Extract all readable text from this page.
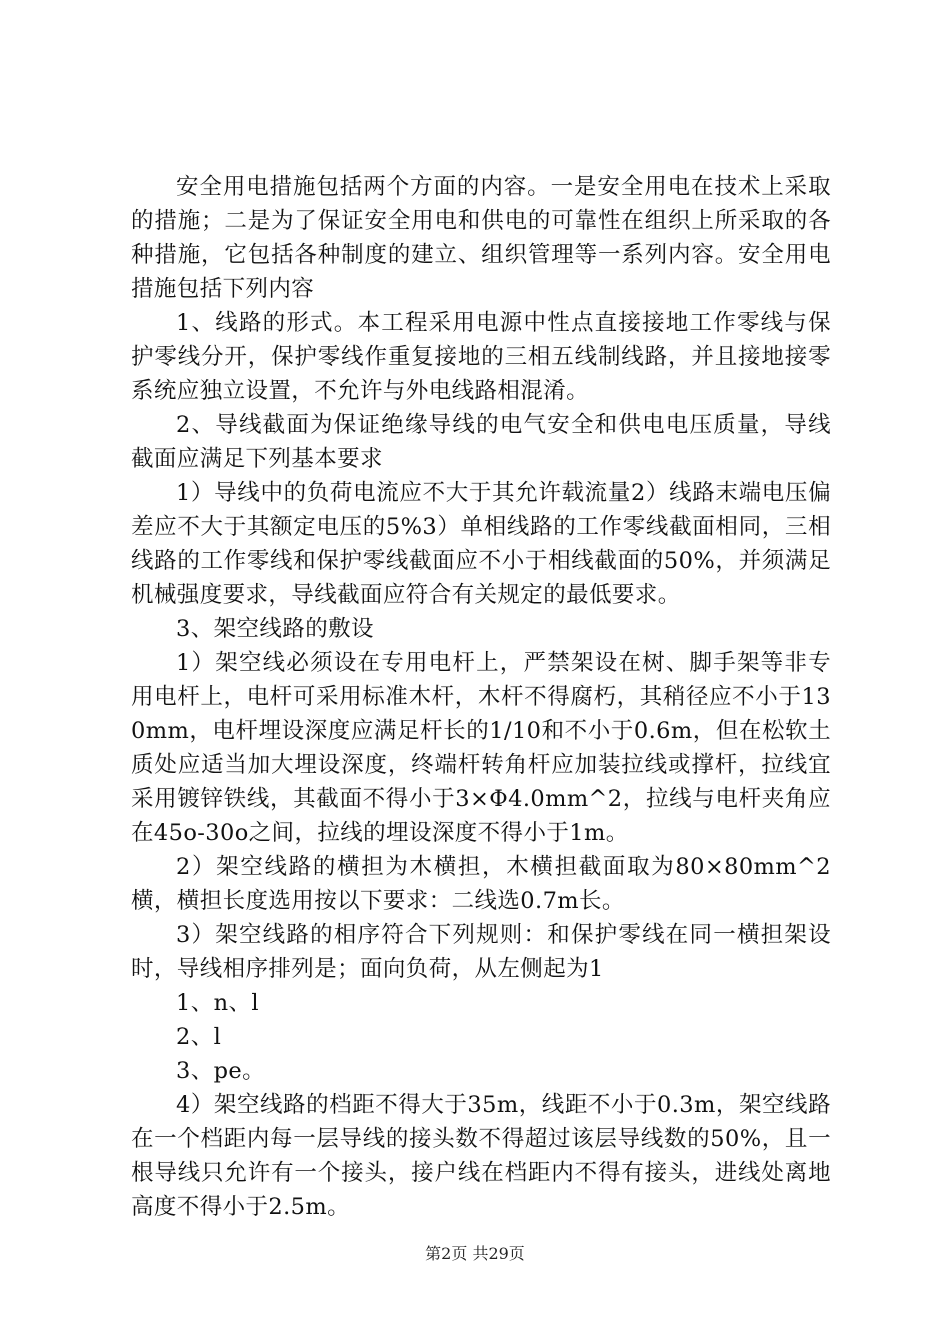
安全用电措施包括两个方面的内容。一是安全用电在技术上采取的措施；二是为了保证安全用电和供电的可靠性在组织上所采取的各种措施，它包括各种制度的建立、组织管理等一系列内容。安全用电措施包括下列内容

1、线路的形式。本工程采用电源中性点直接接地工作零线与保护零线分开，保护零线作重复接地的三相五线制线路，并且接地接零系统应独立设置，不允许与外电线路相混淆。

2、导线截面为保证绝缘导线的电气安全和供电电压质量，导线截面应满足下列基本要求

1）导线中的负荷电流应不大于其允许载流量2）线路末端电压偏差应不大于其额定电压的5%3）单相线路的工作零线截面相同，三相线路的工作零线和保护零线截面应不小于相线截面的50%，并须满足机械强度要求，导线截面应符合有关规定的最低要求。

3、架空线路的敷设

1）架空线必须设在专用电杆上，严禁架设在树、脚手架等非专用电杆上，电杆可采用标准木杆，木杆不得腐朽，其稍径应不小于130mm，电杆埋设深度应满足杆长的1/10和不小于0.6m，但在松软土质处应适当加大埋设深度，终端杆转角杆应加装拉线或撑杆，拉线宜采用镀锌铁线，其截面不得小于3×Φ4.0mm^2，拉线与电杆夹角应在45o-30o之间，拉线的埋设深度不得小于1m。

2）架空线路的横担为木横担，木横担截面取为80×80mm^2横，横担长度选用按以下要求：二线选0.7m长。

3）架空线路的相序符合下列规则：和保护零线在同一横担架设时，导线相序排列是；面向负荷，从左侧起为1

1、n、l

2、l

3、pe。

4）架空线路的档距不得大于35m，线距不小于0.3m，架空线路在一个档距内每一层导线的接头数不得超过该层导线数的50%，且一根导线只允许有一个接头，接户线在档距内不得有接头，进线处离地高度不得小于2.5m。

第2页 共29页
